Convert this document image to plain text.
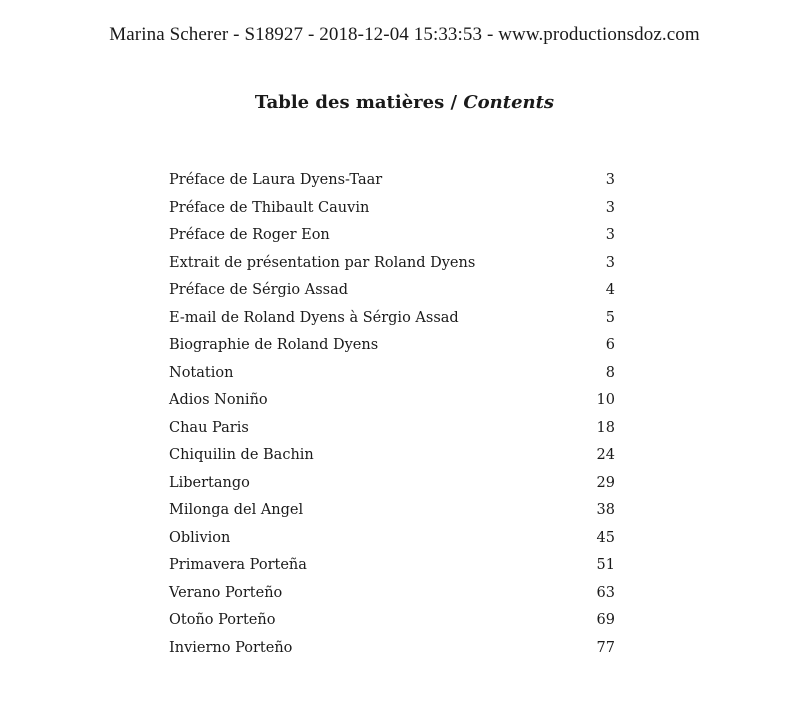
Marina Scherer - S18927 - 2018-12-04 15:33:53 - www.productionsdoz.com
Table des matières / Contents
Préface de Laura Dyens-Taar	3
Préface de Thibault Cauvin	3
Préface de Roger Eon	3
Extrait de présentation par Roland Dyens	3
Préface de Sérgio Assad	4
E-mail de Roland Dyens à Sérgio Assad	5
Biographie de Roland Dyens	6
Notation	8
Adios Noniño	10
Chau Paris	18
Chiquilin de Bachin	24
Libertango	29
Milonga del Angel	38
Oblivion	45
Primavera Porteña	51
Verano Porteño	63
Otoño Porteño	69
Invierno Porteño	77
